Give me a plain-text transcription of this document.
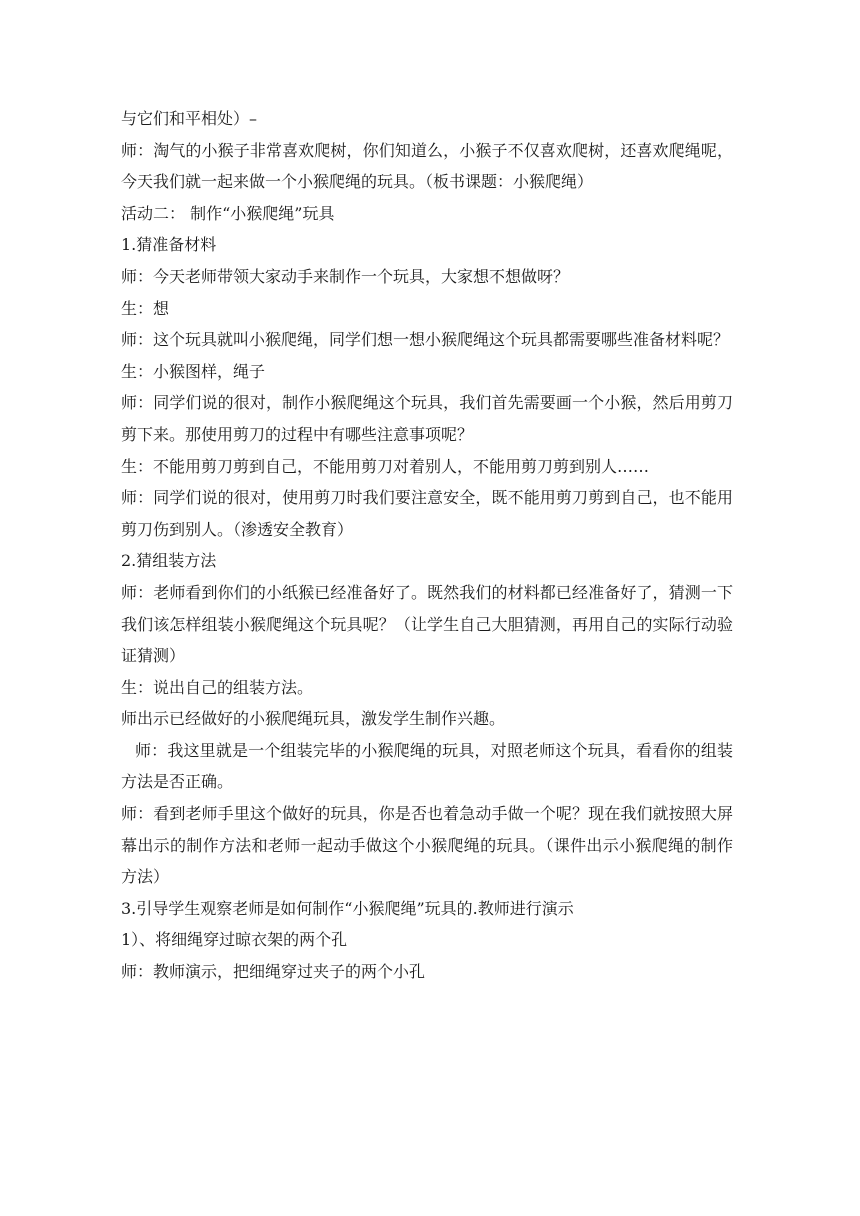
与它们和平相处）–

师：淘气的小猴子非常喜欢爬树，你们知道么，小猴子不仅喜欢爬树，还喜欢爬绳呢，今天我们就一起来做一个小猴爬绳的玩具。（板书课题：小猴爬绳）

活动二： 制作“小猴爬绳”玩具

1.猜准备材料

师：今天老师带领大家动手来制作一个玩具，大家想不想做呀？

生：想

师：这个玩具就叫小猴爬绳，同学们想一想小猴爬绳这个玩具都需要哪些准备材料呢？

生：小猴图样，绳子

师：同学们说的很对，制作小猴爬绳这个玩具，我们首先需要画一个小猴，然后用剪刀剪下来。那使用剪刀的过程中有哪些注意事项呢？

生：不能用剪刀剪到自己，不能用剪刀对着别人，不能用剪刀剪到别人……

师：同学们说的很对，使用剪刀时我们要注意安全，既不能用剪刀剪到自己，也不能用剪刀伤到别人。（渗透安全教育）

2.猜组装方法

师：老师看到你们的小纸猴已经准备好了。既然我们的材料都已经准备好了，猜测一下我们该怎样组装小猴爬绳这个玩具呢？（让学生自己大胆猜测，再用自己的实际行动验证猜测）

生：说出自己的组装方法。

师出示已经做好的小猴爬绳玩具，激发学生制作兴趣。

师：我这里就是一个组装完毕的小猴爬绳的玩具，对照老师这个玩具，看看你的组装方法是否正确。

师：看到老师手里这个做好的玩具，你是否也着急动手做一个呢？现在我们就按照大屏幕出示的制作方法和老师一起动手做这个小猴爬绳的玩具。（课件出示小猴爬绳的制作方法）

3.引导学生观察老师是如何制作“小猴爬绳”玩具的.教师进行演示

1）、将细绳穿过晾衣架的两个孔

师：教师演示，把细绳穿过夹子的两个小孔
